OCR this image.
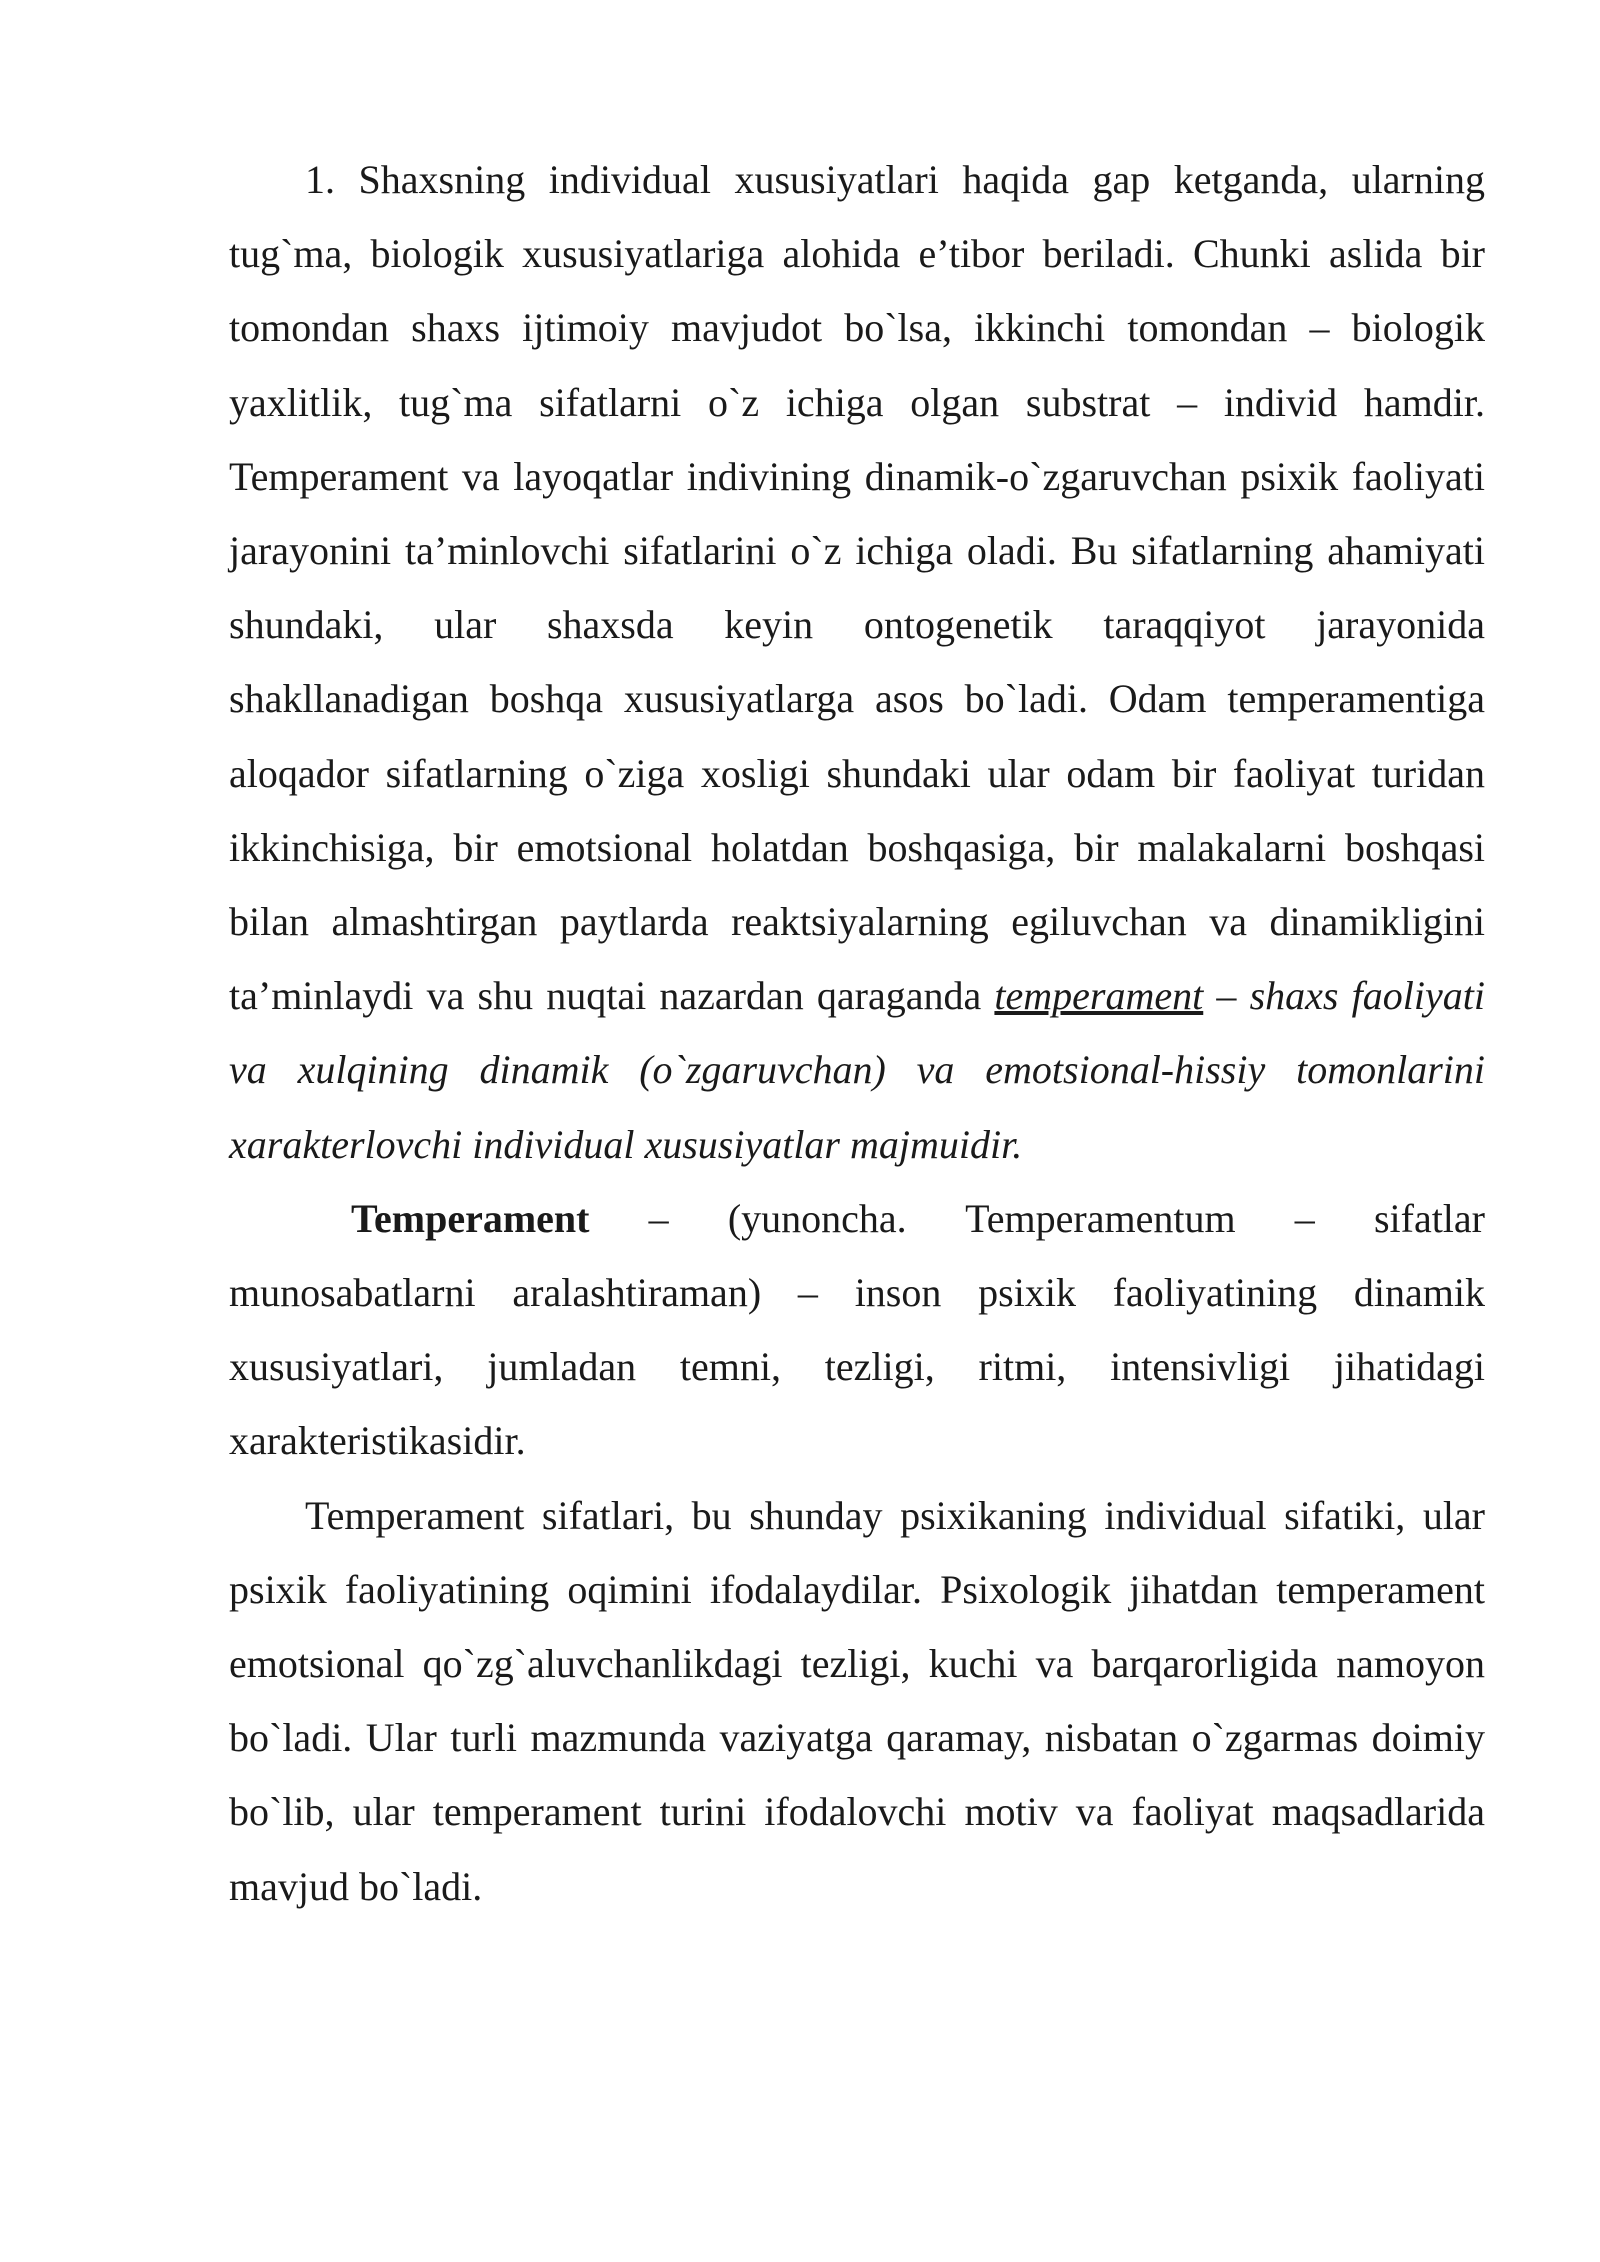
1. Shaxsning individual xususiyatlari haqida gap ketganda, ularning tug`ma, biologik xususiyatlariga alohida e’tibor beriladi. Chunki aslida bir tomondan shaxs ijtimoiy mavjudot bo`lsa, ikkinchi tomondan – biologik yaxlitlik, tug`ma sifatlarni o`z ichiga olgan substrat – individ hamdir. Temperament va layoqatlar indivining dinamik-o`zgaruvchan psixik faoliyati jarayonini ta’minlovchi sifatlarini o`z ichiga oladi. Bu sifatlarning ahamiyati shundaki, ular shaxsda keyin ontogenetik taraqqiyot jarayonida shakllanadigan boshqa xususiyatlarga asos bo`ladi. Odam temperamentiga aloqador sifatlarning o`ziga xosligi shundaki ular odam bir faoliyat turidan ikkinchisiga, bir emotsional holatdan boshqasiga, bir malakalarni boshqasi bilan almashtirgan paytlarda reaktsiyalarning egiluvchan va dinamikligini ta’minlaydi va shu nuqtai nazardan qaraganda temperament – shaxs faoliyati va xulqining dinamik (o`zgaruvchan) va emotsional-hissiy tomonlarini xarakterlovchi individual xususiyatlar majmuidir.

Temperament – (yunoncha. Temperamentum – sifatlar munosabatlarni aralashtiraman) – inson psixik faoliyatining dinamik xususiyatlari, jumladan temni, tezligi, ritmi, intensivligi jihatidagi xarakteristikasidir.

Temperament sifatlari, bu shunday psixikaning individual sifatiki, ular psixik faoliyatining oqimini ifodalaydilar. Psixologik jihatdan temperament emotsional qo`zg`aluvchanlikdagi tezligi, kuchi va barqarorligida namoyon bo`ladi. Ular turli mazmunda vaziyatga qaramay, nisbatan o`zgarmas doimiy bo`lib, ular temperament turini ifodalovchi motiv va faoliyat maqsadlarida mavjud bo`ladi.
